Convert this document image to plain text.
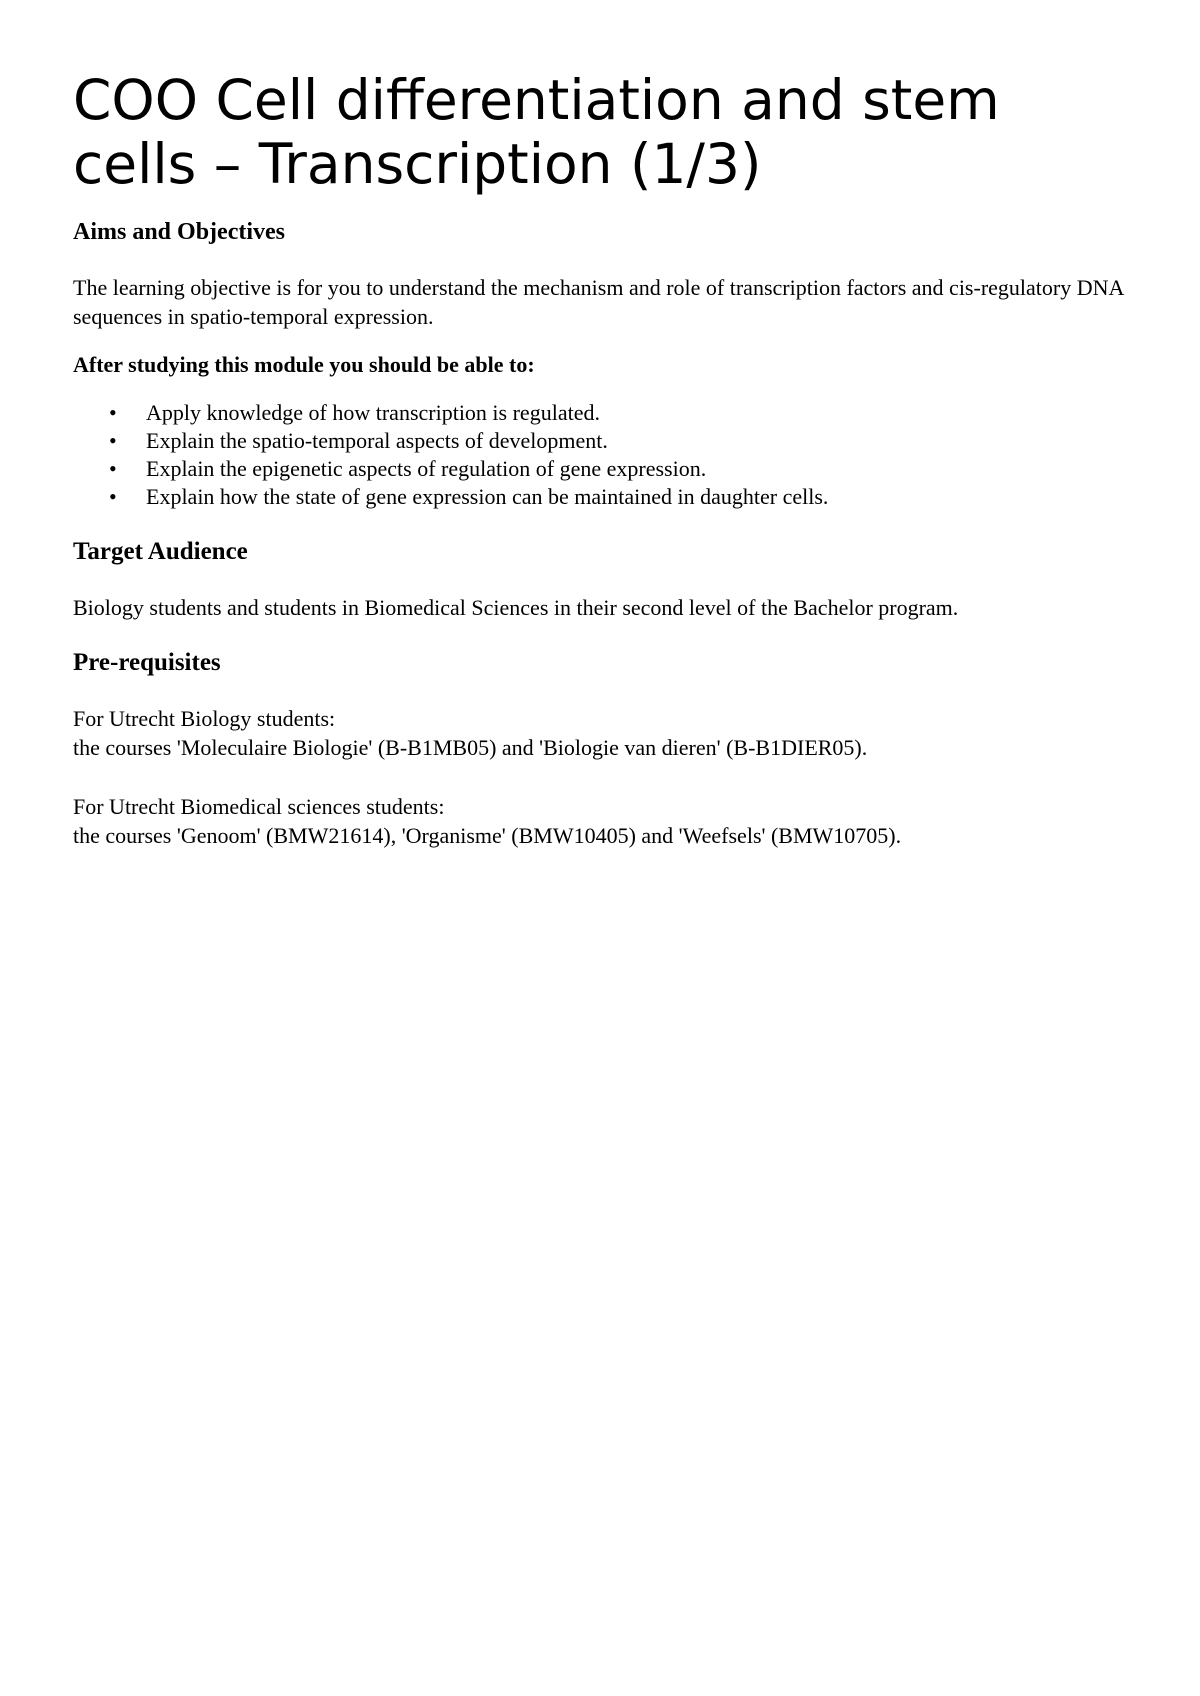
COO Cell differentiation and stem cells – Transcription (1/3)
Aims and Objectives

The learning objective is for you to understand the mechanism and role of transcription factors and cis-regulatory DNA sequences in spatio-temporal expression.

After studying this module you should be able to:

• Apply knowledge of how transcription is regulated.
• Explain the spatio-temporal aspects of development.
• Explain the epigenetic aspects of regulation of gene expression.
• Explain how the state of gene expression can be maintained in daughter cells.
Target Audience

Biology students and students in Biomedical Sciences in their second level of the Bachelor program.

Pre-requisites

For Utrecht Biology students:

the courses 'Moleculaire Biologie' (B-B1MB05) and 'Biologie van dieren' (B-B1DIER05).

For Utrecht Biomedical sciences students:

the courses 'Genoom' (BMW21614), 'Organisme' (BMW10405) and 'Weefsels' (BMW10705).
